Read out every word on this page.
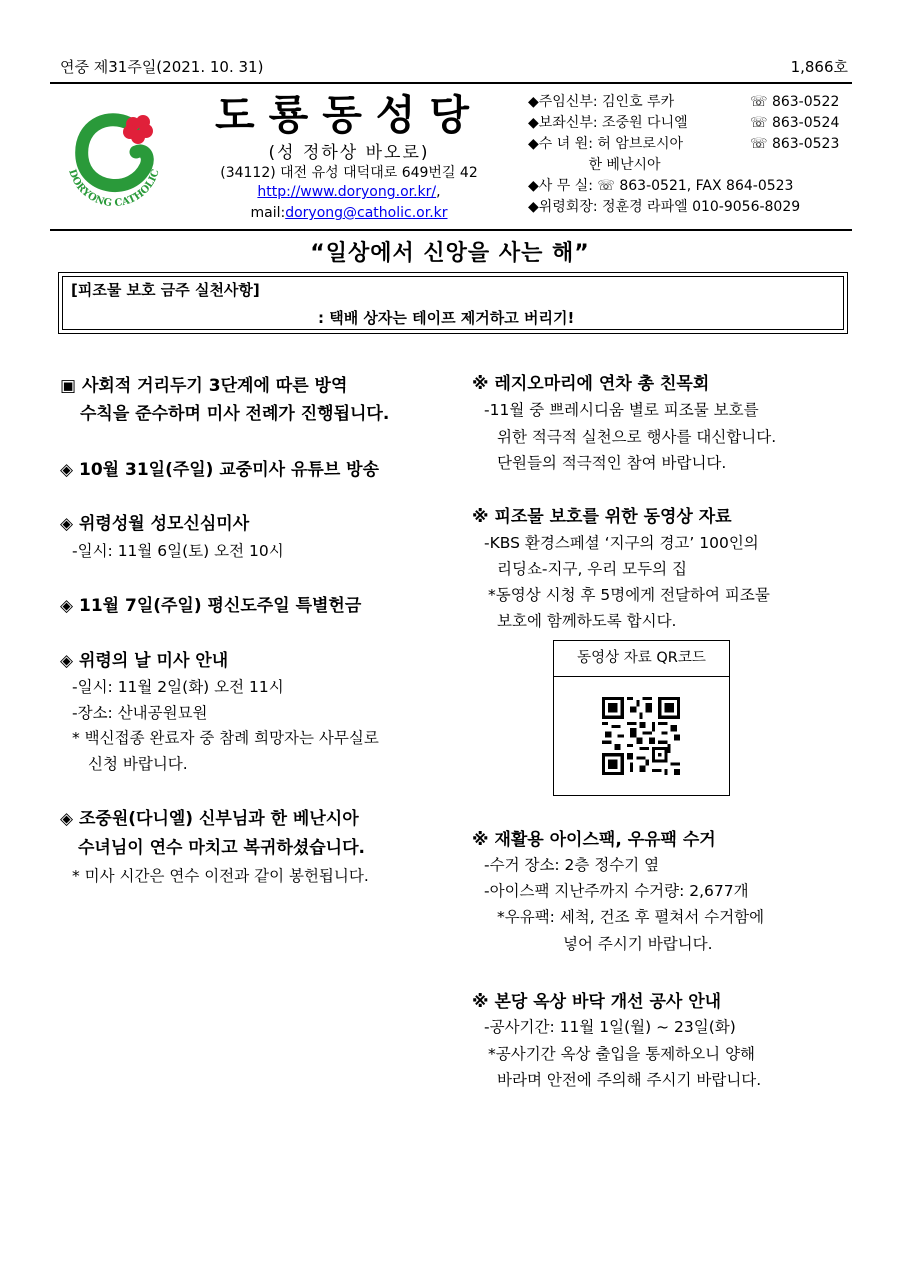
연중 제31주일(2021. 10. 31)	1,866호
DORYONG CATHOLIC
도룡동성당
(성 정하상 바오로)
(34112) 대전 유성 대덕대로 649번길 42
http://www.doryong.or.kr/,
mail:doryong@catholic.or.kr
◆주임신부: 김인호 루카	☏ 863-0522
◆보좌신부: 조중원 다니엘	☏ 863-0524
◆수 녀 원: 허 암브로시아	☏ 863-0523
　　　　 한 베난시아
◆사 무 실: ☏ 863-0521, FAX 864-0523
◆위령회장: 정훈경 라파엘 010-9056-8029
“일상에서 신앙을 사는 해”
[피조물 보호 금주 실천사항]
: 택배 상자는 테이프 제거하고 버리기!
▣ 사회적 거리두기 3단계에 따른 방역
수칙을 준수하며 미사 전례가 진행됩니다.
◈ 10월 31일(주일) 교중미사 유튜브 방송
◈ 위령성월 성모신심미사
-일시: 11월 6일(토) 오전 10시
◈ 11월 7일(주일) 평신도주일 특별헌금
◈ 위령의 날 미사 안내
-일시: 11월 2일(화) 오전 11시
-장소: 산내공원묘원
* 백신접종 완료자 중 참례 희망자는 사무실로
신청 바랍니다.
◈ 조중원(다니엘) 신부님과 한 베난시아
수녀님이 연수 마치고 복귀하셨습니다.
* 미사 시간은 연수 이전과 같이 봉헌됩니다.
※ 레지오마리에 연차 총 친목회
-11월 중 쁘레시디움 별로 피조물 보호를
위한 적극적 실천으로 행사를 대신합니다.
단원들의 적극적인 참여 바랍니다.
※ 피조물 보호를 위한 동영상 자료
-KBS 환경스페셜 ‘지구의 경고’ 100인의
리딩쇼-지구, 우리 모두의 집
*동영상 시청 후 5명에게 전달하여 피조물
보호에 함께하도록 합시다.
동영상 자료 QR코드
※ 재활용 아이스팩, 우유팩 수거
-수거 장소: 2층 정수기 옆
-아이스팩 지난주까지 수거량: 2,677개
*우유팩: 세척, 건조 후 펼쳐서 수거함에
넣어 주시기 바랍니다.
※ 본당 옥상 바닥 개선 공사 안내
-공사기간: 11월 1일(월) ~ 23일(화)
*공사기간 옥상 출입을 통제하오니 양해
바라며 안전에 주의해 주시기 바랍니다.
